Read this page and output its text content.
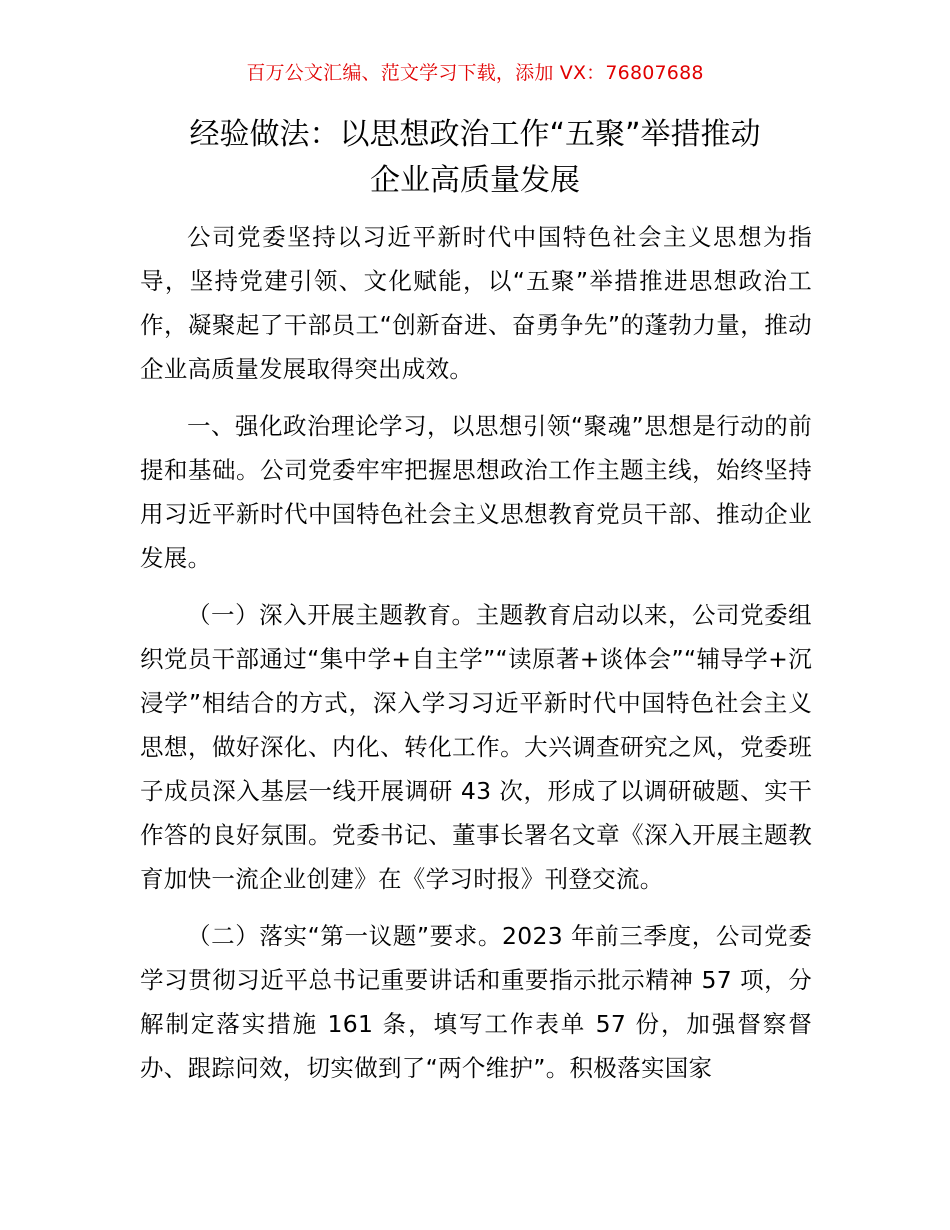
百万公文汇编、范文学习下载，添加 VX：76807688
经验做法：以思想政治工作“五聚”举措推动
企业高质量发展

公司党委坚持以习近平新时代中国特色社会主义思想为指导，坚持党建引领、文化赋能，以“五聚”举措推进思想政治工作，凝聚起了干部员工“创新奋进、奋勇争先”的蓬勃力量，推动企业高质量发展取得突出成效。

一、强化政治理论学习，以思想引领“聚魂”思想是行动的前提和基础。公司党委牢牢把握思想政治工作主题主线，始终坚持用习近平新时代中国特色社会主义思想教育党员干部、推动企业发展。

（一）深入开展主题教育。主题教育启动以来，公司党委组织党员干部通过“集中学+自主学”“读原著+谈体会”“辅导学+沉浸学”相结合的方式，深入学习习近平新时代中国特色社会主义思想，做好深化、内化、转化工作。大兴调查研究之风，党委班子成员深入基层一线开展调研 43 次，形成了以调研破题、实干作答的良好氛围。党委书记、董事长署名文章《深入开展主题教育加快一流企业创建》在《学习时报》刊登交流。

（二）落实“第一议题”要求。2023 年前三季度，公司党委学习贯彻习近平总书记重要讲话和重要指示批示精神 57 项，分解制定落实措施 161 条，填写工作表单 57 份，加强督察督办、跟踪问效，切实做到了“两个维护”。积极落实国家
